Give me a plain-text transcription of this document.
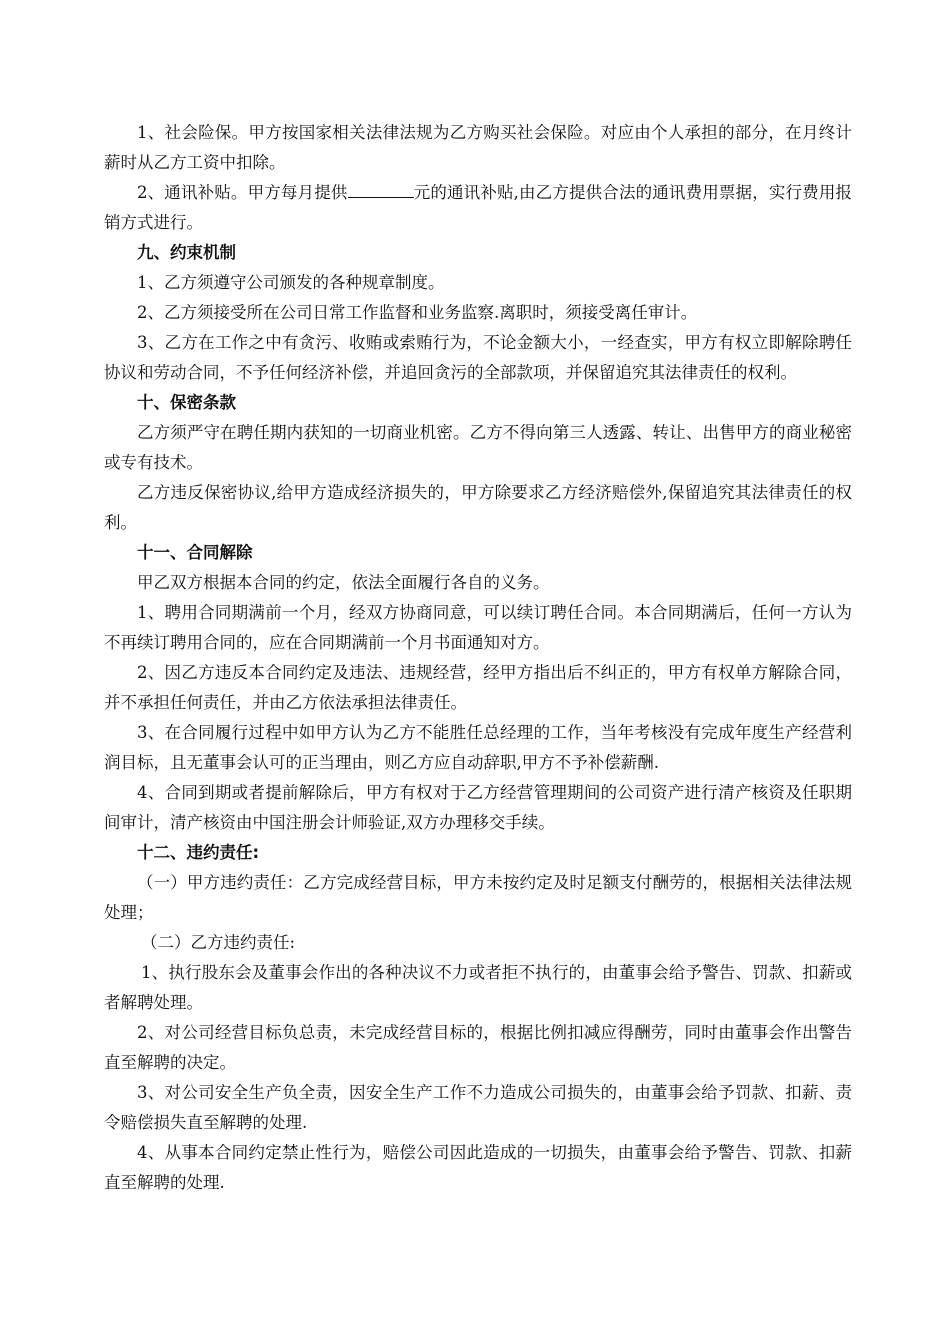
1、社会险保。甲方按国家相关法律法规为乙方购买社会保险。对应由个人承担的部分，在月终计薪时从乙方工资中扣除。

2、通讯补贴。甲方每月提供	元的通讯补贴,由乙方提供合法的通讯费用票据，实行费用报销方式进行。

九、约束机制

1、乙方须遵守公司颁发的各种规章制度。

2、乙方须接受所在公司日常工作监督和业务监察.离职时，须接受离任审计。

3、乙方在工作之中有贪污、收贿或索贿行为，不论金额大小，一经查实，甲方有权立即解除聘任协议和劳动合同，不予任何经济补偿，并追回贪污的全部款项，并保留追究其法律责任的权利。

十、保密条款

乙方须严守在聘任期内获知的一切商业机密。乙方不得向第三人透露、转让、出售甲方的商业秘密或专有技术。

乙方违反保密协议,给甲方造成经济损失的，甲方除要求乙方经济赔偿外,保留追究其法律责任的权利。

十一、合同解除

甲乙双方根据本合同的约定，依法全面履行各自的义务。

1、聘用合同期满前一个月，经双方协商同意，可以续订聘任合同。本合同期满后，任何一方认为不再续订聘用合同的，应在合同期满前一个月书面通知对方。

2、因乙方违反本合同约定及违法、违规经营，经甲方指出后不纠正的，甲方有权单方解除合同，并不承担任何责任，并由乙方依法承担法律责任。

3、在合同履行过程中如甲方认为乙方不能胜任总经理的工作，当年考核没有完成年度生产经营利润目标，且无董事会认可的正当理由，则乙方应自动辞职,甲方不予补偿薪酬.

4、合同到期或者提前解除后，甲方有权对于乙方经营管理期间的公司资产进行清产核资及任职期间审计，清产核资由中国注册会计师验证,双方办理移交手续。

十二、违约责任:

（一）甲方违约责任：乙方完成经营目标，甲方未按约定及时足额支付酬劳的，根据相关法律法规处理；

（二）乙方违约责任:

1、执行股东会及董事会作出的各种决议不力或者拒不执行的，由董事会给予警告、罚款、扣薪或者解聘处理。

2、对公司经营目标负总责，未完成经营目标的，根据比例扣减应得酬劳，同时由董事会作出警告直至解聘的决定。

3、对公司安全生产负全责，因安全生产工作不力造成公司损失的，由董事会给予罚款、扣薪、责令赔偿损失直至解聘的处理.

4、从事本合同约定禁止性行为，赔偿公司因此造成的一切损失，由董事会给予警告、罚款、扣薪直至解聘的处理.
